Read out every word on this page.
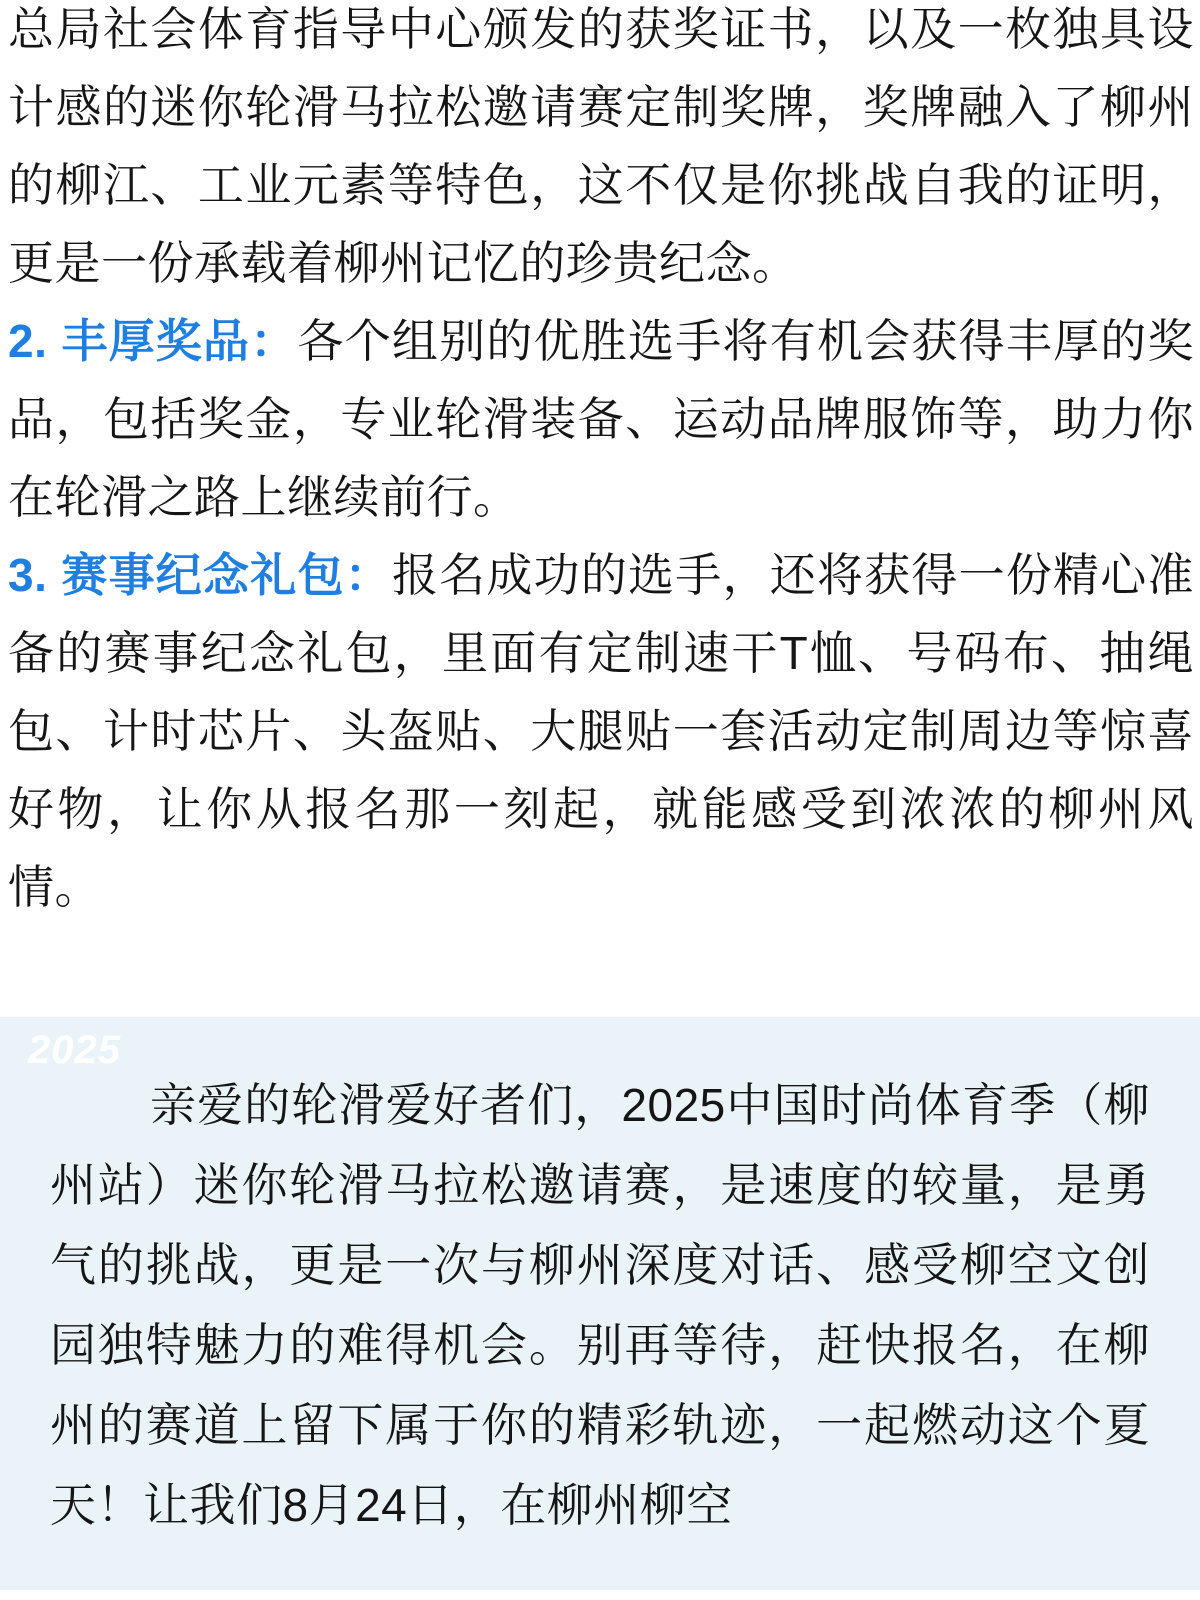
总局社会体育指导中心颁发的获奖证书，以及一枚独具设计感的迷你轮滑马拉松邀请赛定制奖牌，奖牌融入了柳州的柳江、工业元素等特色，这不仅是你挑战自我的证明，更是一份承载着柳州记忆的珍贵纪念。

2. 丰厚奖品：各个组别的优胜选手将有机会获得丰厚的奖品，包括奖金，专业轮滑装备、运动品牌服饰等，助力你在轮滑之路上继续前行。

3. 赛事纪念礼包：报名成功的选手，还将获得一份精心准备的赛事纪念礼包，里面有定制速干T恤、号码布、抽绳包、计时芯片、头盔贴、大腿贴一套活动定制周边等惊喜好物，让你从报名那一刻起，就能感受到浓浓的柳州风情。

2025

亲爱的轮滑爱好者们，2025中国时尚体育季（柳州站）迷你轮滑马拉松邀请赛，是速度的较量，是勇气的挑战，更是一次与柳州深度对话、感受柳空文创园独特魅力的难得机会。别再等待，赶快报名，在柳州的赛道上留下属于你的精彩轨迹，一起燃动这个夏天！让我们8月24日，在柳州柳空
